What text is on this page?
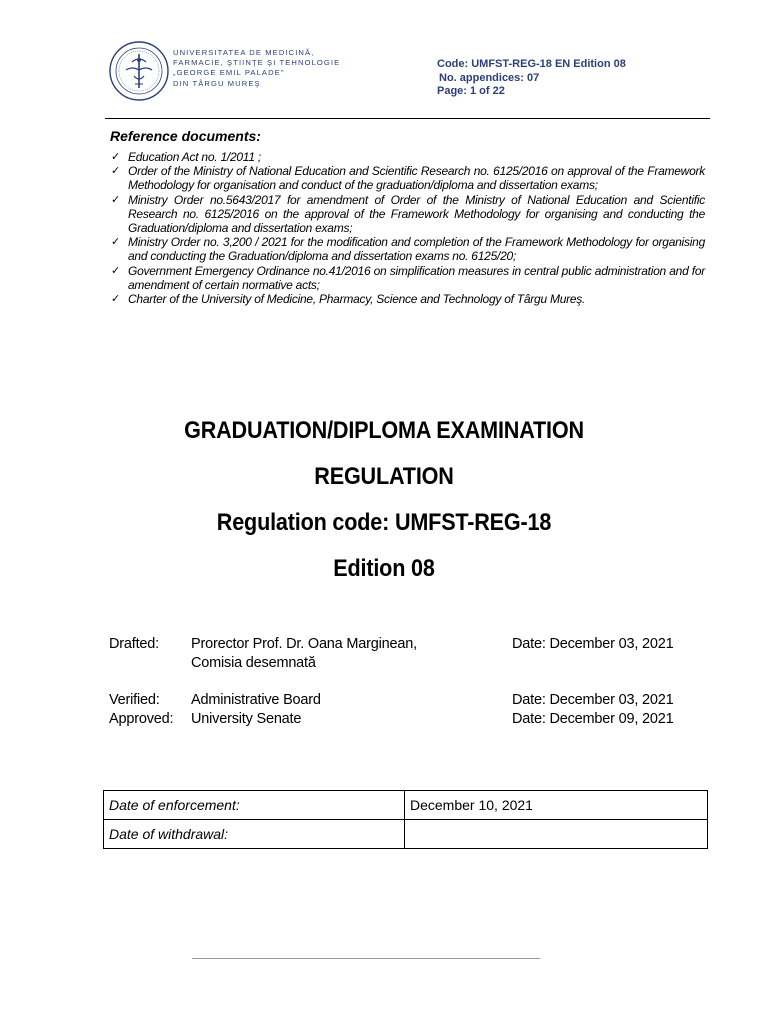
UNIVERSITATEA DE MEDICINĂ,
FARMACIE, ŞTIINŢE ŞI TEHNOLOGIE
„GEORGE EMIL PALADE"
DIN TÂRGU MUREŞ
Code: UMFST-REG-18 EN Edition 08
No. appendices: 07
Page: 1 of 22
Reference documents:
✓ Education Act no. 1/2011 ;
✓ Order of the Ministry of National Education and Scientific Research no. 6125/2016 on approval of the Framework Methodology for organisation and conduct of the graduation/diploma and dissertation exams;
✓ Ministry Order no.5643/2017 for amendment of Order of the Ministry of National Education and Scientific Research no. 6125/2016 on the approval of the Framework Methodology for organising and conducting the Graduation/diploma and dissertation exams;
✓ Ministry Order no. 3,200 / 2021 for the modification and completion of the Framework Methodology for organising and conducting the Graduation/diploma and dissertation exams no. 6125/20;
✓ Government Emergency Ordinance no.41/2016 on simplification measures in central public administration and for amendment of certain normative acts;
✓ Charter of the University of Medicine, Pharmacy, Science and Technology of Târgu Mureş.
GRADUATION/DIPLOMA EXAMINATION
REGULATION
Regulation code: UMFST-REG-18
Edition 08
Drafted: Prorector Prof. Dr. Oana Marginean,	Date: December 03, 2021
Comisia desemnată
Verified: Administrative Board	Date: December 03, 2021
Approved: University Senate	Date: December 09, 2021
Date of enforcement:	December 10, 2021
Date of withdrawal:	
